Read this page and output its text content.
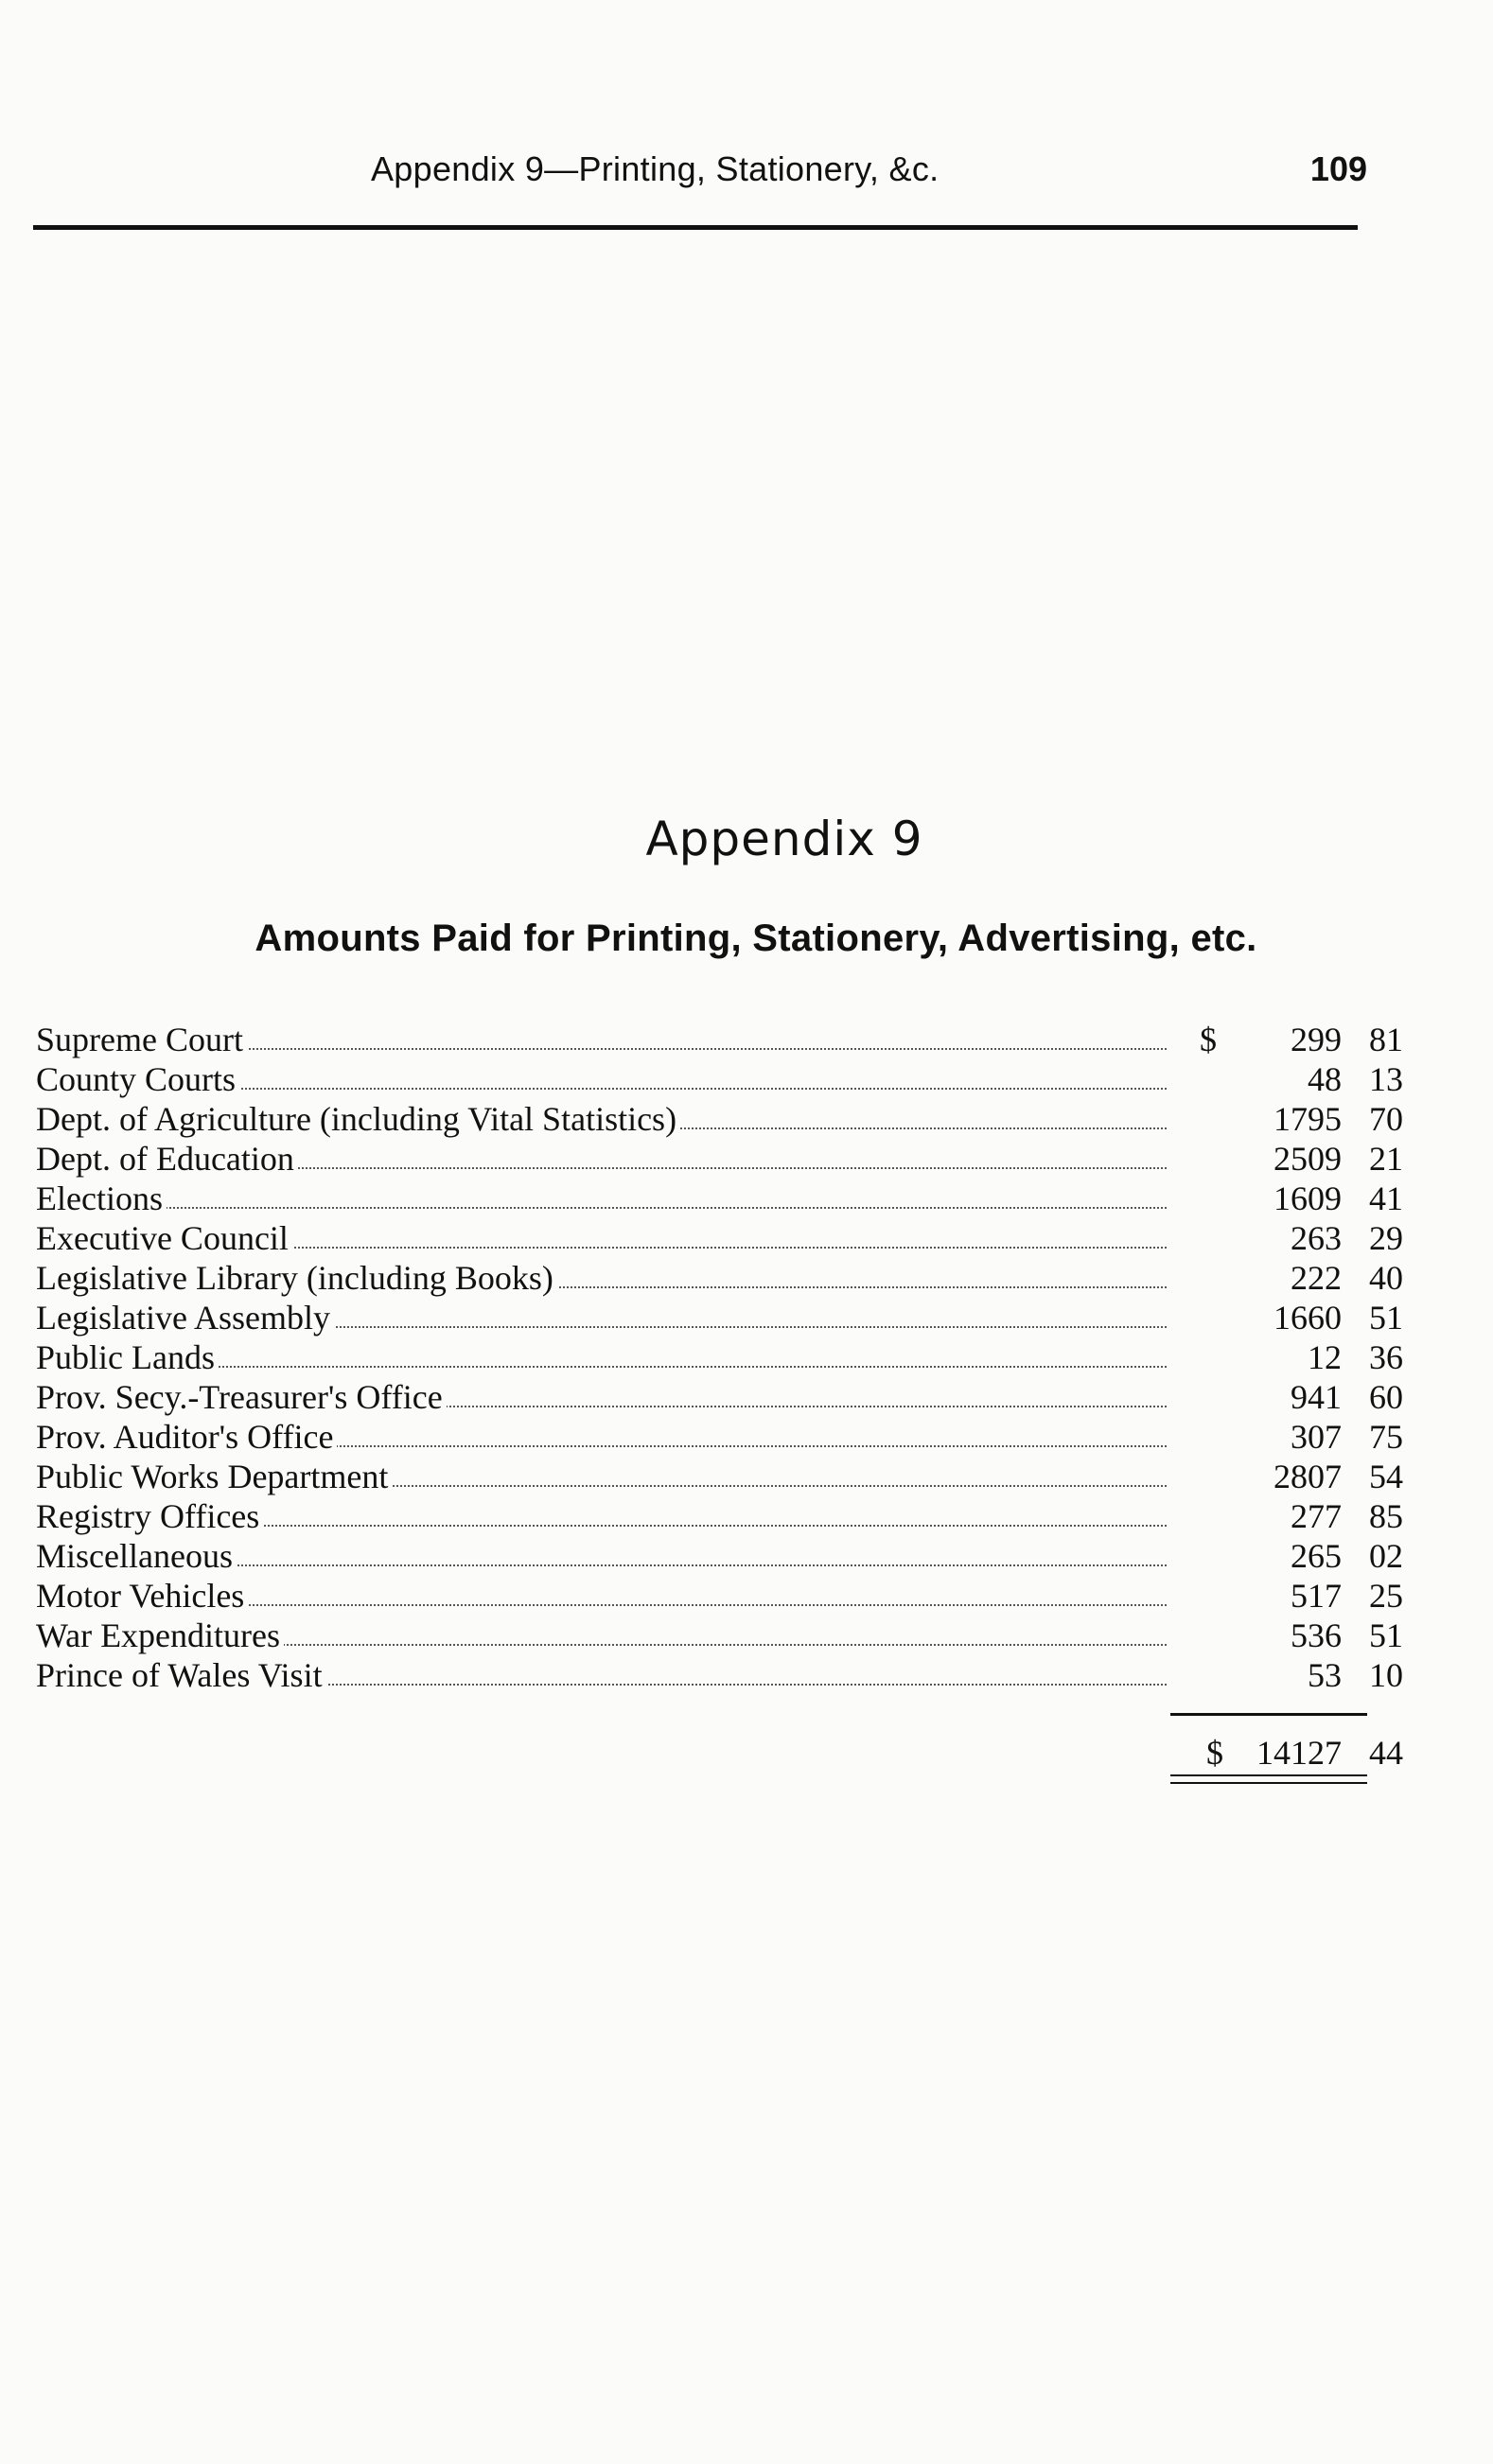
Appendix 9—Printing, Stationery, &c.	109
Appendix 9
Amounts Paid for Printing, Stationery, Advertising, etc.
Supreme Court	$	299 81
County Courts	48 13
Dept. of Agriculture (including Vital Statistics)	1795 70
Dept. of Education	2509 21
Elections	1609 41
Executive Council	263 29
Legislative Library (including Books)	222 40
Legislative Assembly	1660 51
Public Lands	12 36
Prov. Secy.-Treasurer's Office	941 60
Prov. Auditor's Office	307 75
Public Works Department	2807 54
Registry Offices	277 85
Miscellaneous	265 02
Motor Vehicles	517 25
War Expenditures	536 51
Prince of Wales Visit	53 10
$ 14127 44
